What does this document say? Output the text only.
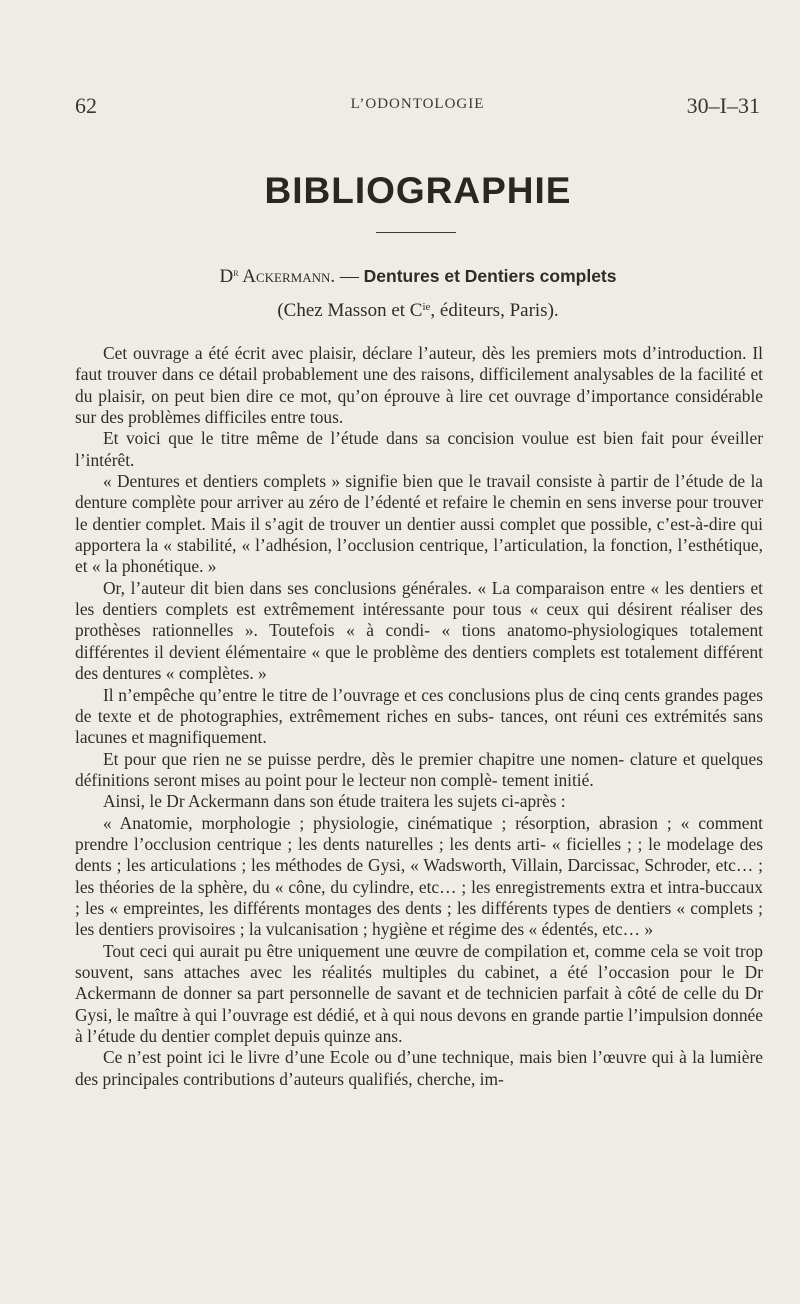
62	L’ODONTOLOGIE	30–I–31
BIBLIOGRAPHIE
$D^r$ Ackermann. — Dentures et Dentiers complets
(Chez Masson et $C^{ie}$, éditeurs, Paris).

Cet ouvrage a été écrit avec plaisir, déclare l’auteur, dès les premiers mots d’introduction. Il faut trouver dans ce détail probablement une des raisons, difficilement analysables de la facilité et du plaisir, on peut bien dire ce mot, qu’on éprouve à lire cet ouvrage d’importance considérable sur des problèmes difficiles entre tous.

Et voici que le titre même de l’étude dans sa concision voulue est bien fait pour éveiller l’intérêt.

« Dentures et dentiers complets » signifie bien que le travail consiste à partir de l’étude de la denture complète pour arriver au zéro de l’édenté et refaire le chemin en sens inverse pour trouver le dentier complet. Mais il s’agit de trouver un dentier aussi complet que possible, c’est-à-dire qui apportera la « stabilité, « l’adhésion, l’occlusion centrique, l’articulation, la fonction, l’esthétique, et « la phonétique. »

Or, l’auteur dit bien dans ses conclusions générales. « La comparaison entre « les dentiers et les dentiers complets est extrêmement intéressante pour tous « ceux qui désirent réaliser des prothèses rationnelles ». Toutefois « à condi- « tions anatomo-physiologiques totalement différentes il devient élémentaire « que le problème des dentiers complets est totalement différent des dentures « complètes. »

Il n’empêche qu’entre le titre de l’ouvrage et ces conclusions plus de cinq cents grandes pages de texte et de photographies, extrêmement riches en subs- tances, ont réuni ces extrémités sans lacunes et magnifiquement.

Et pour que rien ne se puisse perdre, dès le premier chapitre une nomen- clature et quelques définitions seront mises au point pour le lecteur non complè- tement initié.

Ainsi, le Dr Ackermann dans son étude traitera les sujets ci-après :

« Anatomie, morphologie ; physiologie, cinématique ; résorption, abrasion ; « comment prendre l’occlusion centrique ; les dents naturelles ; les dents arti- « ficielles ; ; le modelage des dents ; les articulations ; les méthodes de Gysi, « Wadsworth, Villain, Darcissac, Schroder, etc… ; les théories de la sphère, du « cône, du cylindre, etc… ; les enregistrements extra et intra-buccaux ; les « empreintes, les différents montages des dents ; les différents types de dentiers « complets ; les dentiers provisoires ; la vulcanisation ; hygiène et régime des « édentés, etc… »

Tout ceci qui aurait pu être uniquement une œuvre de compilation et, comme cela se voit trop souvent, sans attaches avec les réalités multiples du cabinet, a été l’occasion pour le Dr Ackermann de donner sa part personnelle de savant et de technicien parfait à côté de celle du Dr Gysi, le maître à qui l’ouvrage est dédié, et à qui nous devons en grande partie l’impulsion donnée à l’étude du dentier complet depuis quinze ans.

Ce n’est point ici le livre d’une Ecole ou d’une technique, mais bien l’œuvre qui à la lumière des principales contributions d’auteurs qualifiés, cherche, im-
